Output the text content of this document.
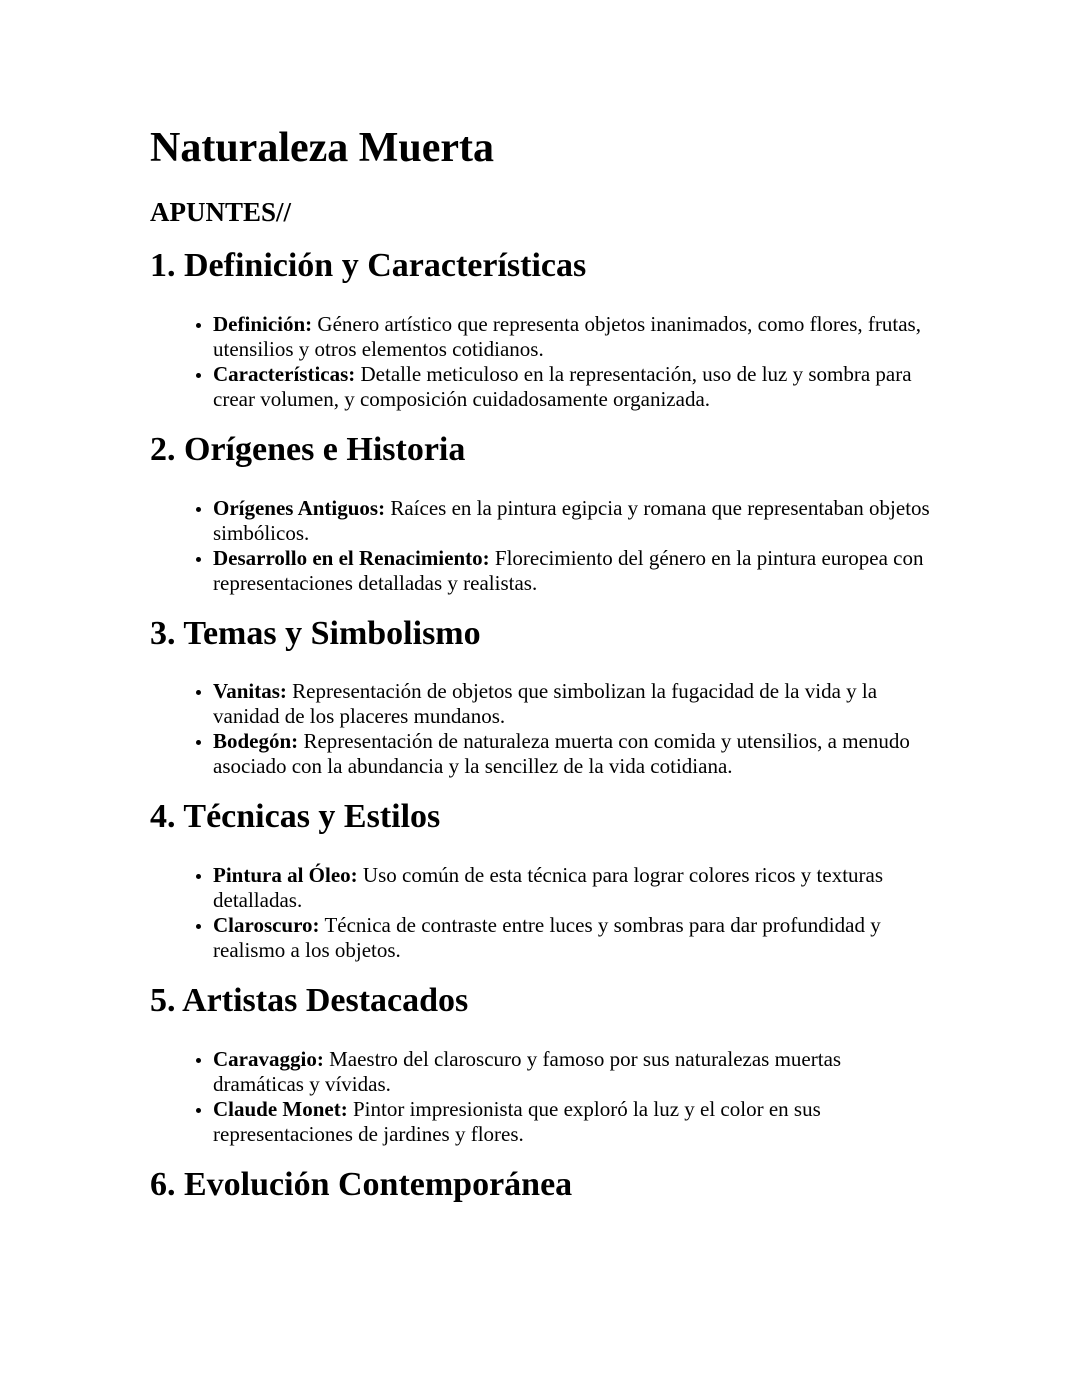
Naturaleza Muerta
APUNTES//
1. Definición y Características
• Definición: Género artístico que representa objetos inanimados, como flores, frutas, utensilios y otros elementos cotidianos.
• Características: Detalle meticuloso en la representación, uso de luz y sombra para crear volumen, y composición cuidadosamente organizada.
2. Orígenes e Historia
• Orígenes Antiguos: Raíces en la pintura egipcia y romana que representaban objetos simbólicos.
• Desarrollo en el Renacimiento: Florecimiento del género en la pintura europea con representaciones detalladas y realistas.
3. Temas y Simbolismo
• Vanitas: Representación de objetos que simbolizan la fugacidad de la vida y la vanidad de los placeres mundanos.
• Bodegón: Representación de naturaleza muerta con comida y utensilios, a menudo asociado con la abundancia y la sencillez de la vida cotidiana.
4. Técnicas y Estilos
• Pintura al Óleo: Uso común de esta técnica para lograr colores ricos y texturas detalladas.
• Claroscuro: Técnica de contraste entre luces y sombras para dar profundidad y realismo a los objetos.
5. Artistas Destacados
• Caravaggio: Maestro del claroscuro y famoso por sus naturalezas muertas dramáticas y vívidas.
• Claude Monet: Pintor impresionista que exploró la luz y el color en sus representaciones de jardines y flores.
6. Evolución Contemporánea
